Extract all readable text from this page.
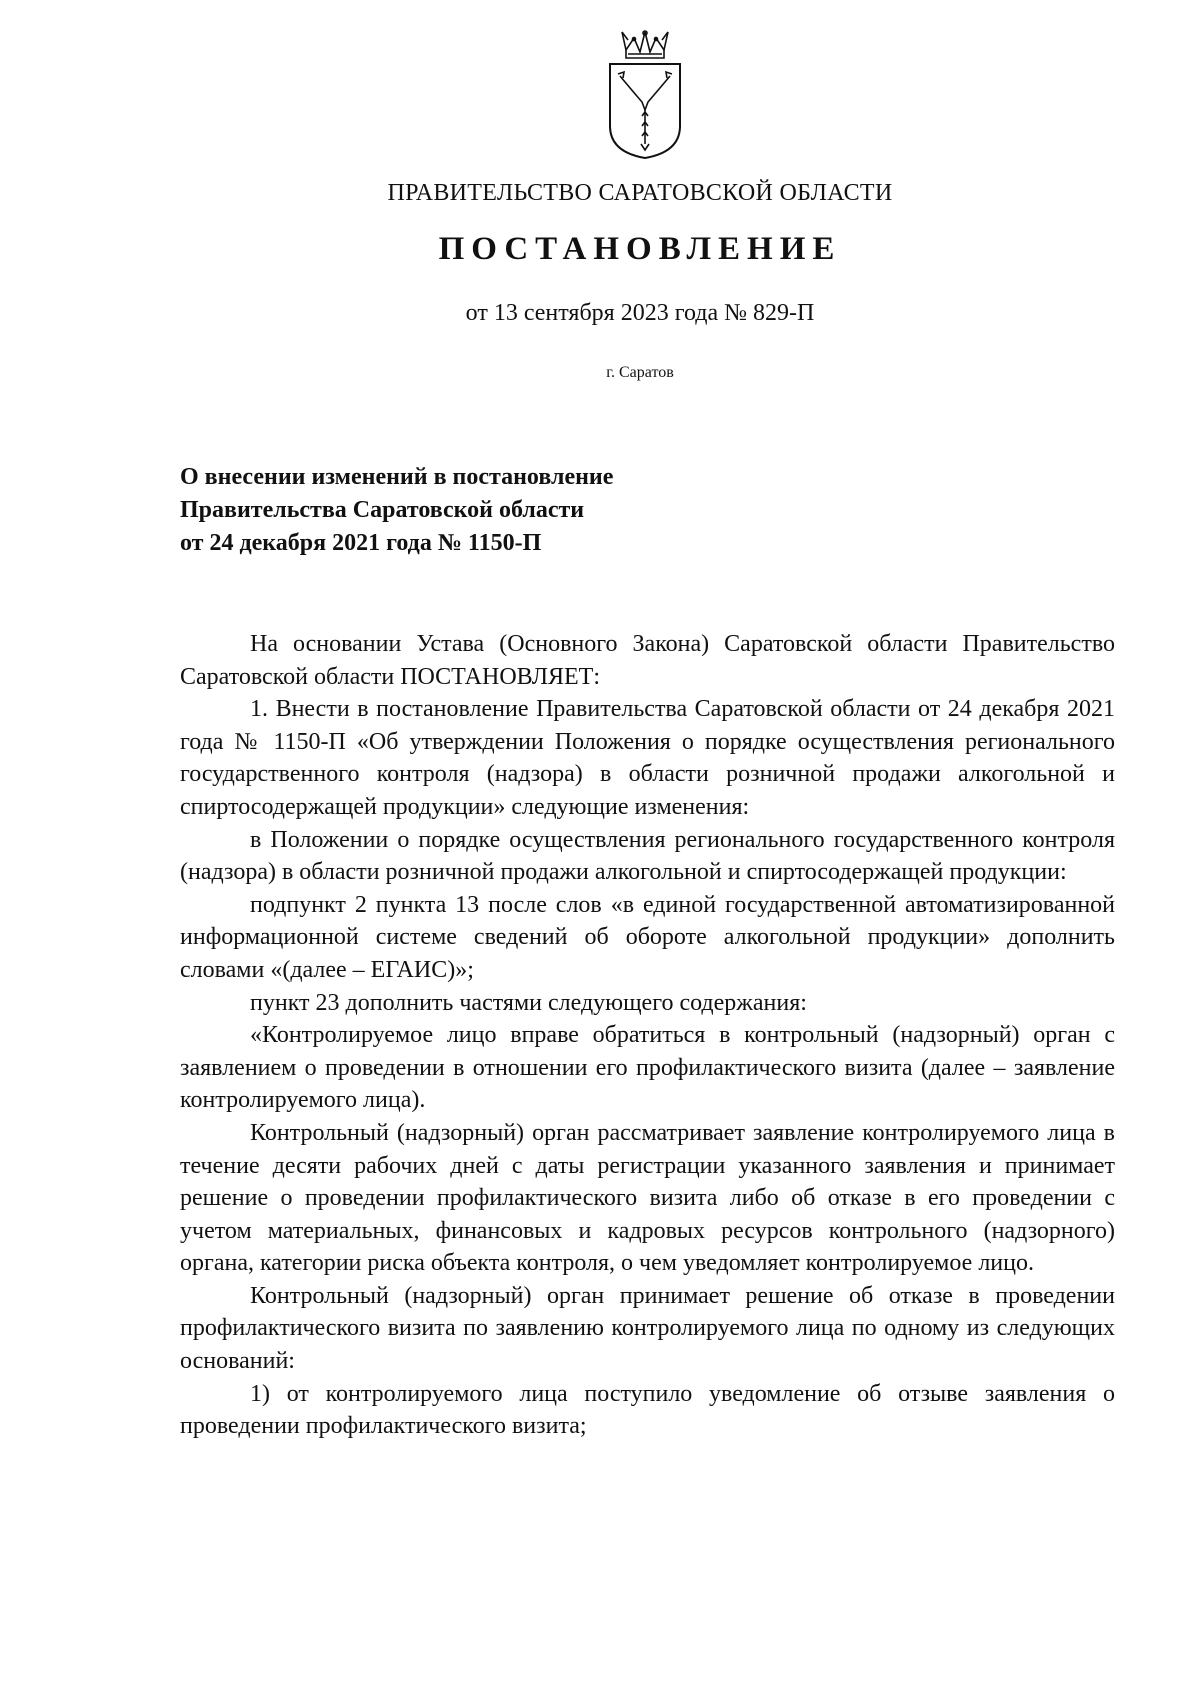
ПРАВИТЕЛЬСТВО САРАТОВСКОЙ ОБЛАСТИ
ПОСТАНОВЛЕНИЕ
от 13 сентября 2023 года № 829-П
г. Саратов
О внесении изменений в постановление
Правительства Саратовской области
от 24 декабря 2021 года № 1150-П

На основании Устава (Основного Закона) Саратовской области Правительство Саратовской области ПОСТАНОВЛЯЕТ:

1. Внести в постановление Правительства Саратовской области от 24 декабря 2021 года № 1150-П «Об утверждении Положения о порядке осуществления регионального государственного контроля (надзора) в области розничной продажи алкогольной и спиртосодержащей продукции» следующие изменения:

в Положении о порядке осуществления регионального государственного контроля (надзора) в области розничной продажи алкогольной и спиртосодержащей продукции:

подпункт 2 пункта 13 после слов «в единой государственной автоматизированной информационной системе сведений об обороте алкогольной продукции» дополнить словами «(далее – ЕГАИС)»;

пункт 23 дополнить частями следующего содержания:

«Контролируемое лицо вправе обратиться в контрольный (надзорный) орган с заявлением о проведении в отношении его профилактического визита (далее – заявление контролируемого лица).

Контрольный (надзорный) орган рассматривает заявление контролируемого лица в течение десяти рабочих дней с даты регистрации указанного заявления и принимает решение о проведении профилактического визита либо об отказе в его проведении с учетом материальных, финансовых и кадровых ресурсов контрольного (надзорного) органа, категории риска объекта контроля, о чем уведомляет контролируемое лицо.

Контрольный (надзорный) орган принимает решение об отказе в проведении профилактического визита по заявлению контролируемого лица по одному из следующих оснований:

1) от контролируемого лица поступило уведомление об отзыве заявления о проведении профилактического визита;
